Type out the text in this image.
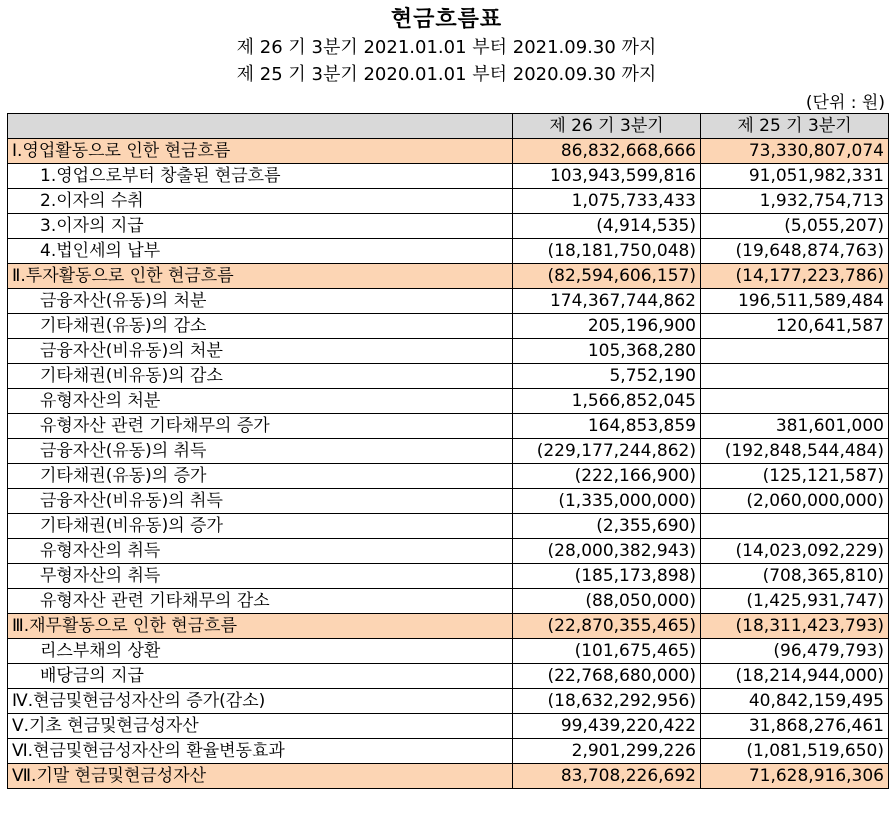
현금흐름표
제 26 기 3분기 2021.01.01 부터 2021.09.30 까지
제 25 기 3분기 2020.01.01 부터 2020.09.30 까지
(단위 : 원)
	제 26 기 3분기	제 25 기 3분기
Ⅰ.영업활동으로 인한 현금흐름	86,832,668,666	73,330,807,074
1.영업으로부터 창출된 현금흐름	103,943,599,816	91,051,982,331
2.이자의 수취	1,075,733,433	1,932,754,713
3.이자의 지급	(4,914,535)	(5,055,207)
4.법인세의 납부	(18,181,750,048)	(19,648,874,763)
Ⅱ.투자활동으로 인한 현금흐름	(82,594,606,157)	(14,177,223,786)
금융자산(유동)의 처분	174,367,744,862	196,511,589,484
기타채권(유동)의 감소	205,196,900	120,641,587
금융자산(비유동)의 처분	105,368,280	
기타채권(비유동)의 감소	5,752,190	
유형자산의 처분	1,566,852,045	
유형자산 관련 기타채무의 증가	164,853,859	381,601,000
금융자산(유동)의 취득	(229,177,244,862)	(192,848,544,484)
기타채권(유동)의 증가	(222,166,900)	(125,121,587)
금융자산(비유동)의 취득	(1,335,000,000)	(2,060,000,000)
기타채권(비유동)의 증가	(2,355,690)	
유형자산의 취득	(28,000,382,943)	(14,023,092,229)
무형자산의 취득	(185,173,898)	(708,365,810)
유형자산 관련 기타채무의 감소	(88,050,000)	(1,425,931,747)
Ⅲ.재무활동으로 인한 현금흐름	(22,870,355,465)	(18,311,423,793)
리스부채의 상환	(101,675,465)	(96,479,793)
배당금의 지급	(22,768,680,000)	(18,214,944,000)
Ⅳ.현금및현금성자산의 증가(감소)	(18,632,292,956)	40,842,159,495
Ⅴ.기초 현금및현금성자산	99,439,220,422	31,868,276,461
Ⅵ.현금및현금성자산의 환율변동효과	2,901,299,226	(1,081,519,650)
Ⅶ.기말 현금및현금성자산	83,708,226,692	71,628,916,306
